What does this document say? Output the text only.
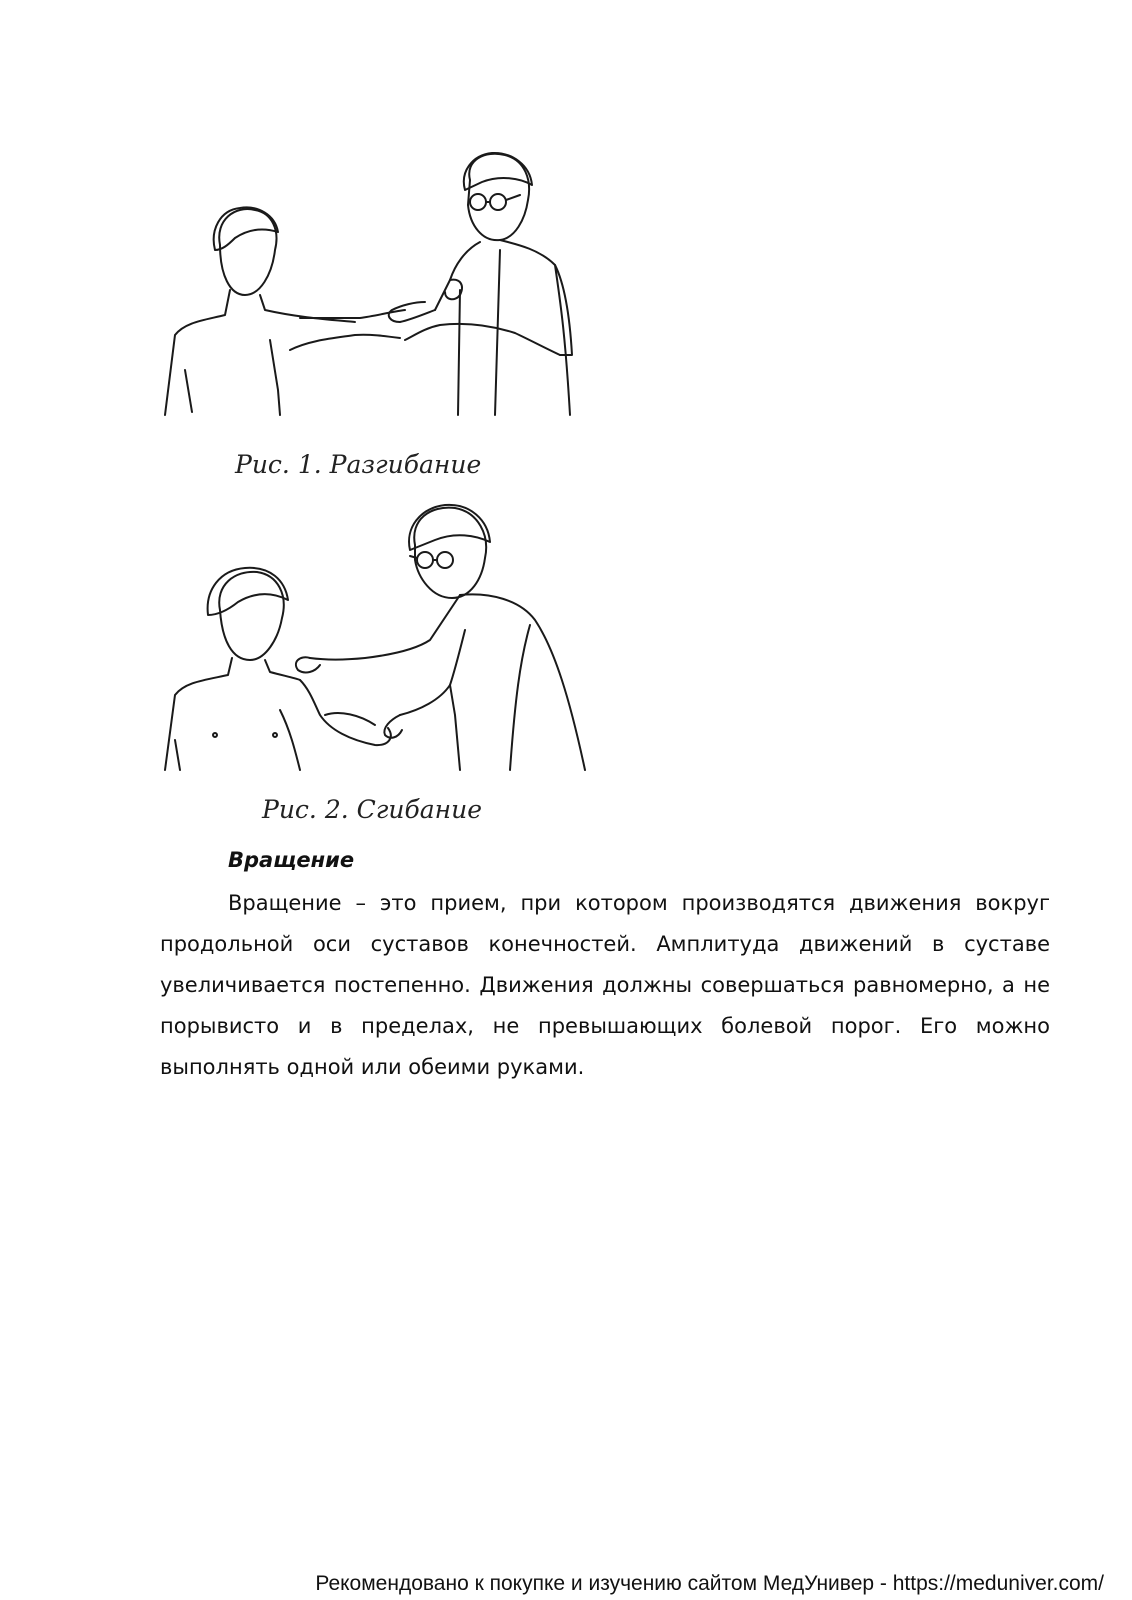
Рис. 1. Разгибание
Рис. 2. Сгибание
Вращение

Вращение – это прием, при котором производятся движения вокруг продольной оси суставов конечностей. Амплитуда движений в суставе увеличивается постепенно. Движения должны совершаться равномерно, а не порывисто и в пределах, не превышающих болевой порог. Его можно выполнять одной или обеими руками.

Рекомендовано к покупке и изучению сайтом МедУнивер - https://meduniver.com/
